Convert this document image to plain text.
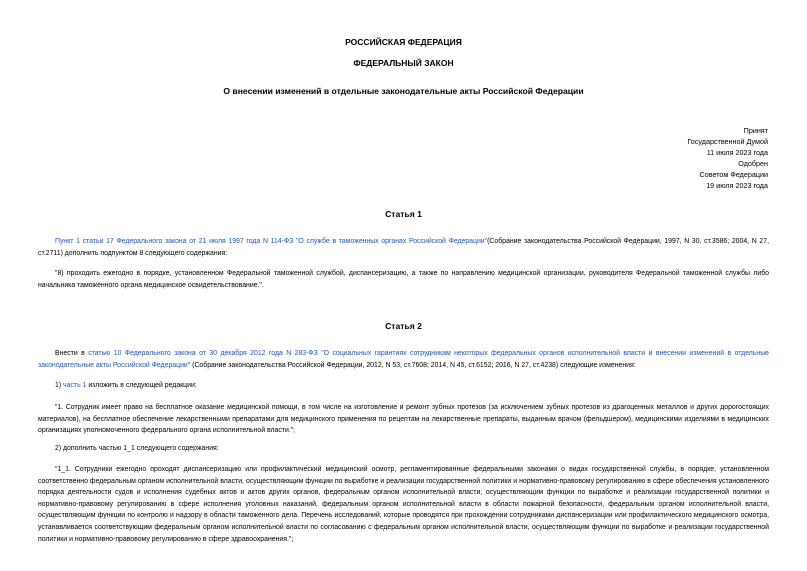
РОССИЙСКАЯ ФЕДЕРАЦИЯ
ФЕДЕРАЛЬНЫЙ ЗАКОН
О внесении изменений в отдельные законодательные акты Российской Федерации
Принят
Государственной Думой
11 июля 2023 года
Одобрен
Советом Федерации
19 июля 2023 года
Статья 1
Пункт 1 статьи 17 Федерального закона от 21 июля 1997 года N 114-ФЗ "О службе в таможенных органах Российской Федерации"(Собрание законодательства Российской Федерации, 1997, N 30, ст.3586; 2004, N 27, ст.2711) дополнить подпунктом 8 следующего содержания:
"8) проходить ежегодно в порядке, установленном Федеральной таможенной службой, диспансеризацию, а также по направлению медицинской организации, руководителя Федеральной таможенной службы либо начальника таможенного органа медицинское освидетельствование.".
Статья 2
Внести в статью 10 Федерального закона от 30 декабря 2012 года N 283-ФЗ "О социальных гарантиях сотрудникам некоторых федеральных органов исполнительной власти и внесении изменений в отдельные законодательные акты Российской Федерации" (Собрание законодательства Российской Федерации, 2012, N 53, ст.7608; 2014, N 45, ст.6152; 2016, N 27, ст.4238) следующие изменения:
1) часть 1 изложить в следующей редакции:
"1. Сотрудник имеет право на бесплатное оказание медицинской помощи, в том числе на изготовление и ремонт зубных протезов (за исключением зубных протезов из драгоценных металлов и других дорогостоящих материалов), на бесплатное обеспечение лекарственными препаратами для медицинского применения по рецептам на лекарственные препараты, выданным врачом (фельдшером), медицинскими изделиями в медицинских организациях уполномоченного федерального органа исполнительной власти.";
2) дополнить частью 1_1 следующего содержания:
"1_1. Сотрудники ежегодно проходят диспансеризацию или профилактический медицинский осмотр, регламентированные федеральными законами о видах государственной службы, в порядке, установленном соответственно федеральным органом исполнительной власти, осуществляющим функции по выработке и реализации государственной политики и нормативно-правовому регулированию в сфере обеспечения установленного порядка деятельности судов и исполнения судебных актов и актов других органов, федеральным органом исполнительной власти, осуществляющим функции по выработке и реализации государственной политики и нормативно-правовому регулированию в сфере исполнения уголовных наказаний, федеральным органом исполнительной власти в области пожарной безопасности, федеральным органом исполнительной власти, осуществляющим функции по контролю и надзору в области таможенного дела. Перечень исследований, которые проводятся при прохождении сотрудниками диспансеризации или профилактического медицинского осмотра, устанавливается соответствующим федеральным органом исполнительной власти по согласованию с федеральным органом исполнительной власти, осуществляющим функции по выработке и реализации государственной политики и нормативно-правовому регулированию в сфере здравоохранения.";
